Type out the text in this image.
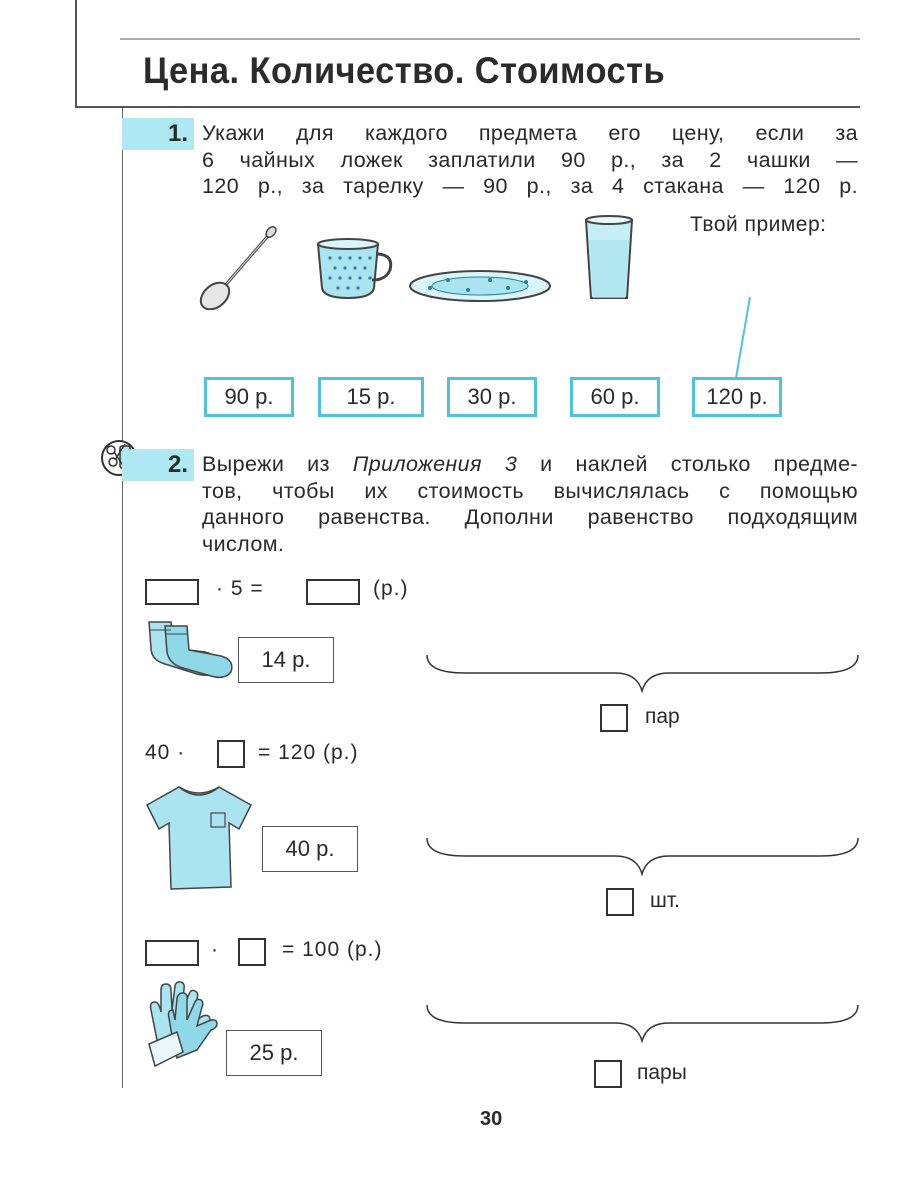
Цена. Количество. Стоимость
1. Укажи для каждого предмета его цену, если за
6 чайных ложек заплатили 90 р., за 2 чашки —
120 р., за тарелку — 90 р., за 4 стакана — 120 р.
Твой пример:
90 р.	15 р.	30 р.	60 р.	120 р.
2. Вырежи из Приложения 3 и наклей столько предме-
тов, чтобы их стоимость вычислялась с помощью
данного равенства. Дополни равенство подходящим
числом.
· 5 =	(р.)
14 р.
пар
40 ·	= 120 (р.)
40 р.
шт.
·	= 100 (р.)
25 р.
пары
30
